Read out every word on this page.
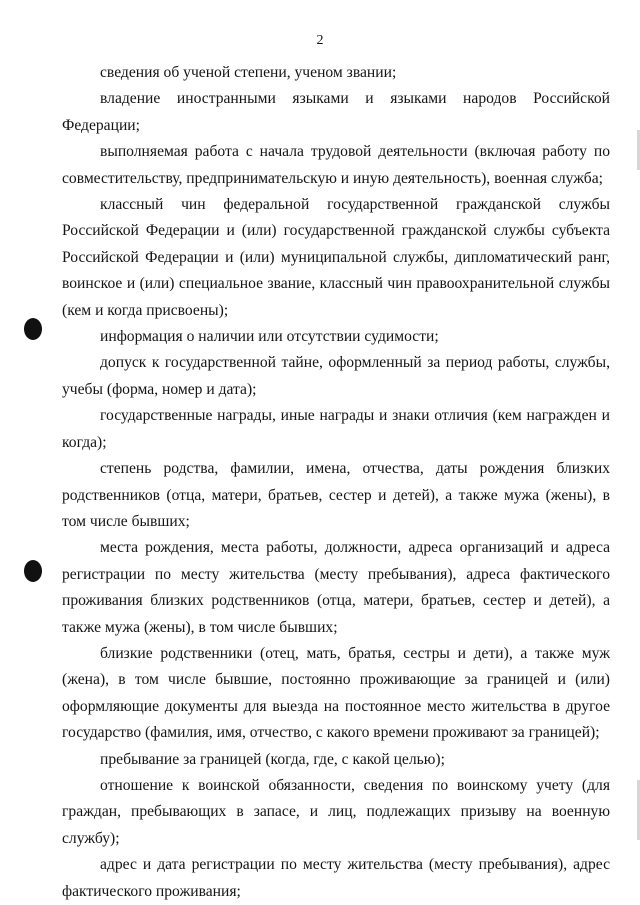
2

сведения об ученой степени, ученом звании;

владение иностранными языками и языками народов Российской Федерации;

выполняемая работа с начала трудовой деятельности (включая работу по совместительству, предпринимательскую и иную деятельность), военная служба;

классный чин федеральной государственной гражданской службы Российской Федерации и (или) государственной гражданской службы субъекта Российской Федерации и (или) муниципальной службы, дипломатический ранг, воинское и (или) специальное звание, классный чин правоохранительной службы (кем и когда присвоены);

информация о наличии или отсутствии судимости;

допуск к государственной тайне, оформленный за период работы, службы, учебы (форма, номер и дата);

государственные награды, иные награды и знаки отличия (кем награжден и когда);

степень родства, фамилии, имена, отчества, даты рождения близких родственников (отца, матери, братьев, сестер и детей), а также мужа (жены), в том числе бывших;

места рождения, места работы, должности, адреса организаций и адреса регистрации по месту жительства (месту пребывания), адреса фактического проживания близких родственников (отца, матери, братьев, сестер и детей), а также мужа (жены), в том числе бывших;

близкие родственники (отец, мать, братья, сестры и дети), а также муж (жена), в том числе бывшие, постоянно проживающие за границей и (или) оформляющие документы для выезда на постоянное место жительства в другое государство (фамилия, имя, отчество, с какого времени проживают за границей);

пребывание за границей (когда, где, с какой целью);

отношение к воинской обязанности, сведения по воинскому учету (для граждан, пребывающих в запасе, и лиц, подлежащих призыву на военную службу);

адрес и дата регистрации по месту жительства (месту пребывания), адрес фактического проживания;
